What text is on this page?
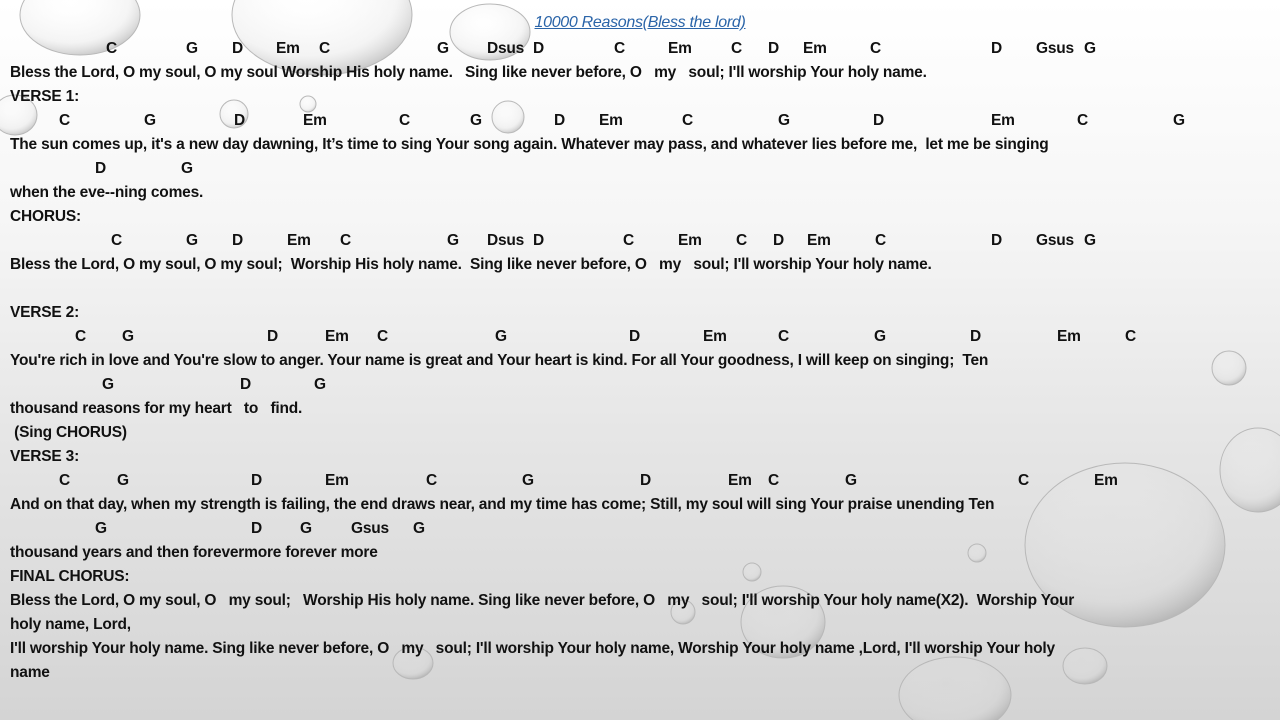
10000 Reasons(Bless the lord)
C	G D Em C	G Dsus D	C	Em	C D Em	C	D Gsus G
Bless the Lord, O my soul, O my soul Worship His holy name.   Sing like never before, O   my   soul; I'll worship Your holy name.
VERSE 1:
C	G	D	Em	C	G	D Em	C	G	D	Em	C	G
The sun comes up, it's a new day dawning, It’s time to sing Your song again. Whatever may pass, and whatever lies before me,  let me be singing
D	G
when the eve--ning comes.
CHORUS:
C	G D	Em C	G Dsus D	C	Em C D Em	C	D Gsus G
Bless the Lord, O my soul, O my soul;  Worship His holy name.  Sing like never before, O   my   soul; I'll worship Your holy name.
VERSE 2:
C G	D	Em C	G	D	Em	C	G	D	Em	C
You're rich in love and You're slow to anger. Your name is great and Your heart is kind. For all Your goodness, I will keep on singing;  Ten
G	D	G
thousand reasons for my heart   to   find.
(Sing CHORUS)
VERSE 3:
C	G	D	Em	C	G	D	Em C	G	C	Em
And on that day, when my strength is failing, the end draws near, and my time has come; Still, my soul will sing Your praise unending Ten
G	D G	Gsus G
thousand years and then forevermore forever more
FINAL CHORUS:
Bless the Lord, O my soul, O   my soul;   Worship His holy name. Sing like never before, O   my   soul; I'll worship Your holy name(X2).  Worship Your
holy name, Lord,
I'll worship Your holy name. Sing like never before, O   my   soul; I'll worship Your holy name, Worship Your holy name ,Lord, I'll worship Your holy
name
